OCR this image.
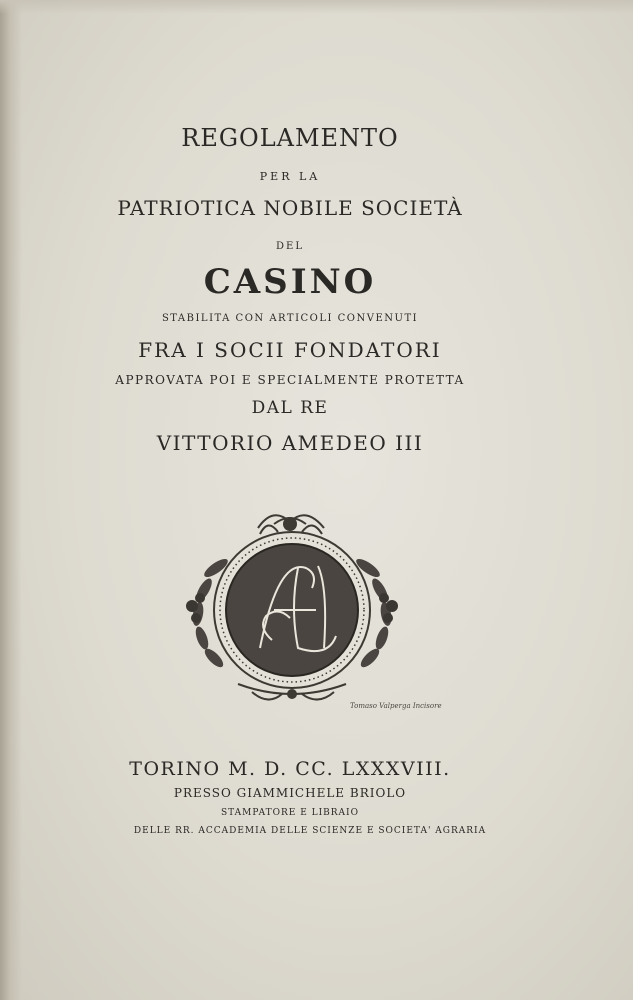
REGOLAMENTO
PER LA
PATRIOTICA NOBILE SOCIETÀ
DEL
CASINO
STABILITA CON ARTICOLI CONVENUTI
FRA I SOCII FONDATORI
APPROVATA POI E SPECIALMENTE PROTETTA
DAL RE
VITTORIO AMEDEO III
Tomaso Valperga Incisore
TORINO M. D. CC. LXXXVIII.
PRESSO GIAMMICHELE BRIOLO
STAMPATORE E LIBRAIO
DELLE RR. ACCADEMIA DELLE SCIENZE E SOCIETA' AGRARIA
